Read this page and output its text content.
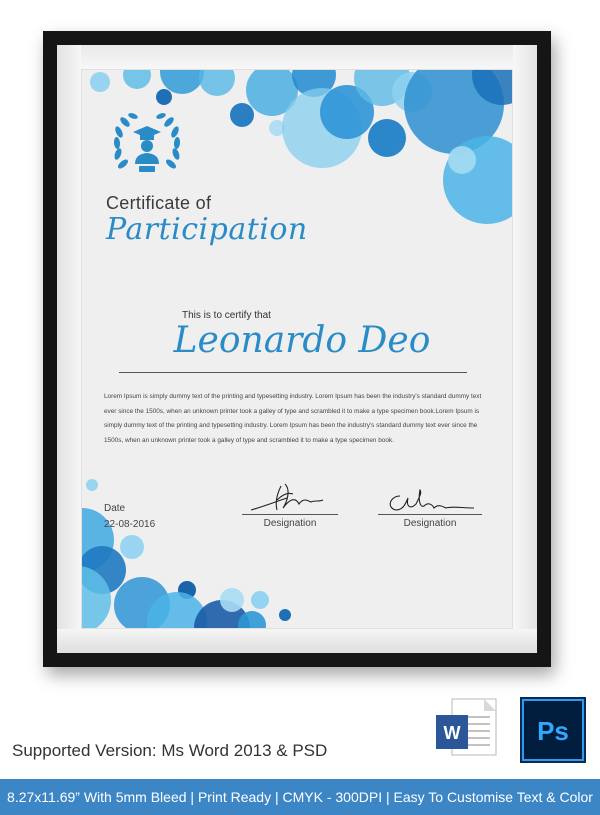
Certificate of
Participation
This is to certify that
Leonardo Deo
Lorem Ipsum is simply dummy text of the printing and typesetting industry. Lorem Ipsum has been the industry's standard dummy text ever since the 1500s, when an unknown printer took a galley of type and scrambled it to make a type specimen book.Lorem Ipsum is simply dummy text of the printing and typesetting industry. Lorem Ipsum has been the industry's standard dummy text ever since the 1500s, when an unknown printer took a galley of type and scrambled it to make a type specimen book.
Date
22-08-2016	Designation	Designation
Supported Version: Ms Word 2013 & PSD
W	Ps
8.27x11.69” With 5mm Bleed | Print Ready | CMYK - 300DPI | Easy To Customise Text & Color
